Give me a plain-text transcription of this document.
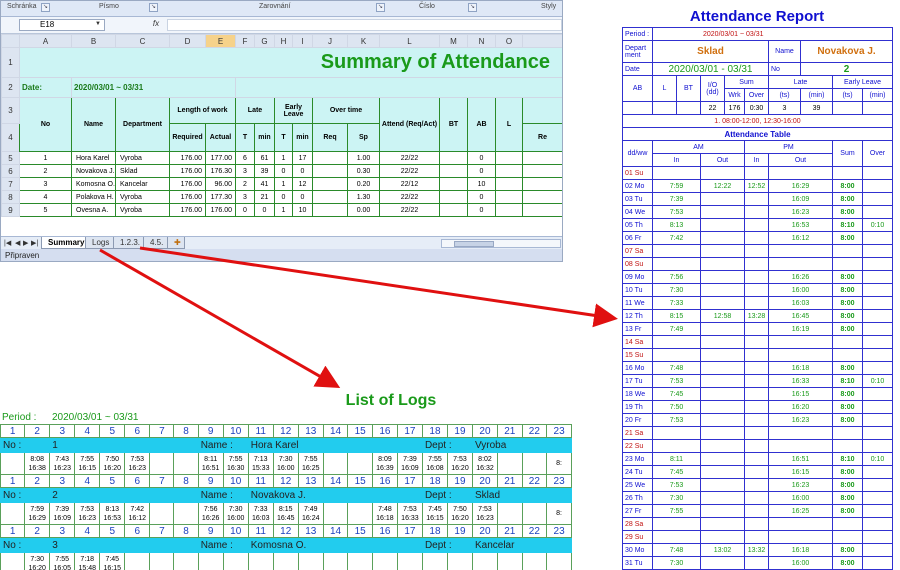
Schránka	↘	Písmo	↘	Zarovnání	↘	Číslo	↘	Styly
E18	▼	fx
	A	B	C	D	E	F	G	H	I	J	K	L	M	N	O		
1	Summary of Attendance																
2	Date:	2020/03/01 ~ 03/31															
3	No	Name	Department	Length of work		Late		Early Leave		Over time		Attend (Req/Act)	BT	AB	L		
4				Required	Actual	T	min	T	min	Req	Sp					Re	
5	1	Hora Karel	Vyroba	176.00	177.00	6	61	1	17		1.00	22/22		0			
6	2	Novakova J.	Sklad	176.00	176.30	3	39	0	0		0.30	22/22		0			
7	3	Komosna O.	Kancelar	176.00	96.00	2	41	1	12		0.20	22/12		10			
8	4	Polakova H.	Vyroba	176.00	177.30	3	21	0	0		1.30	22/22		0			
9	5	Ovesna A.	Vyroba	176.00	176.00	0	0	1	10		0.00	22/22		0			
|◀ ◀ ▶ ▶|	Summary Logs	1.2.3.	4.5.	✚
Připraven
Attendance Report
Period :	2020/03/01 ~ 03/31								
Depart ment	Sklad					Name	Novakova J.		
Date	2020/03/01 - 03/31					No	2		
AB	L	BT	I/O (dd)	Sum		Late		Early Leave	
				Wrk	Over	(ts)	(min)	(ts)	(min)
			22	176	0:30	3	39		
1. 08:00-12:00, 12:30-16:00									
Attendance Table									
dd/ww	AM				PM			Sum	Over
	In		Out		In	Out			
01 Su									
02 Mo	7:59		12:22		12:52	16:29		8:00	
03 Tu	7:39					16:09		8:00	
04 We	7:53					16:23		8:00	
05 Th	8:13					16:53		8:10	0:10
06 Fr	7:42					16:12		8:00	
07 Sa									
08 Su									
09 Mo	7:56					16:26		8:00	
10 Tu	7:30					16:00		8:00	
11 We	7:33					16:03		8:00	
12 Th	8:15		12:58		13:28	16:45		8:00	
13 Fr	7:49					16:19		8:00	
14 Sa									
15 Su									
16 Mo	7:48					16:18		8:00	
17 Tu	7:53					16:33		8:10	0:10
18 We	7:45					16:15		8:00	
19 Th	7:50					16:20		8:00	
20 Fr	7:53					16:23		8:00	
21 Sa									
22 Su									
23 Mo	8:11					16:51		8:10	0:10
24 Tu	7:45					16:15		8:00	
25 We	7:53					16:23		8:00	
26 Th	7:30					16:00		8:00	
27 Fr	7:55					16:25		8:00	
28 Sa									
29 Su									
30 Mo	7:48		13:02		13:32	16:18		8:00	
31 Tu	7:30					16:00		8:00	
List of Logs
Period : 2020/03/01 ~ 03/31
1	2	3	4	5	6	7	8	9	10	11	12	13	14	15	16	17	18	19	20	21	22	23
No :		1						Name :		Hora Karel							Dept :		Vyroba			
	8:08 16:38	7:43 16:23	7:55 16:15	7:50 16:20	7:53 16:23			8:11 16:51	7:55 16:30	7:13 15:33	7:30 16:00	7:55 16:25			8:09 16:39	7:39 16:09	7:55 16:08	7:53 16:20	8:02 16:32			8:
1	2	3	4	5	6	7	8	9	10	11	12	13	14	15	16	17	18	19	20	21	22	23
No :		2						Name :		Novakova J.							Dept :		Sklad			
	7:59 16:29	7:39 16:09	7:53 16:23	8:13 16:53	7:42 16:12			7:56 16:26	7:30 16:00	7:33 16:03	8:15 16:45	7:49 16:24			7:48 16:18	7:53 16:33	7:45 16:15	7:50 16:20	7:53 16:23			8:
1	2	3	4	5	6	7	8	9	10	11	12	13	14	15	16	17	18	19	20	21	22	23
No :		3						Name :		Komosna O.							Dept :		Kancelar			
	7:30 16:20	7:55 16:05	7:18 15:48	7:45 16:15																		
